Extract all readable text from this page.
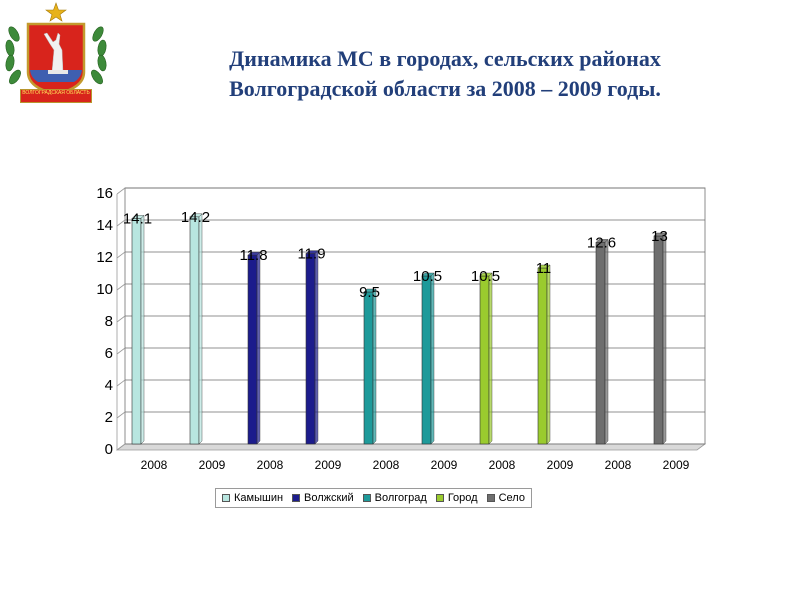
ВОЛГОГРАДСКАЯ ОБЛАСТЬ
Динамика МС в городах, сельских районах
Волгоградской области за 2008 – 2009 годы.
0
2
4
6
8
10
12
14
16
2008	2009	2008	2009	2008	2009	2008	2009	2008	2009
14.1 14.2
11.8 11.9
9.5
10.5 10.5 11
12.6 13
Камышин Волжский Волгоград Город Село
